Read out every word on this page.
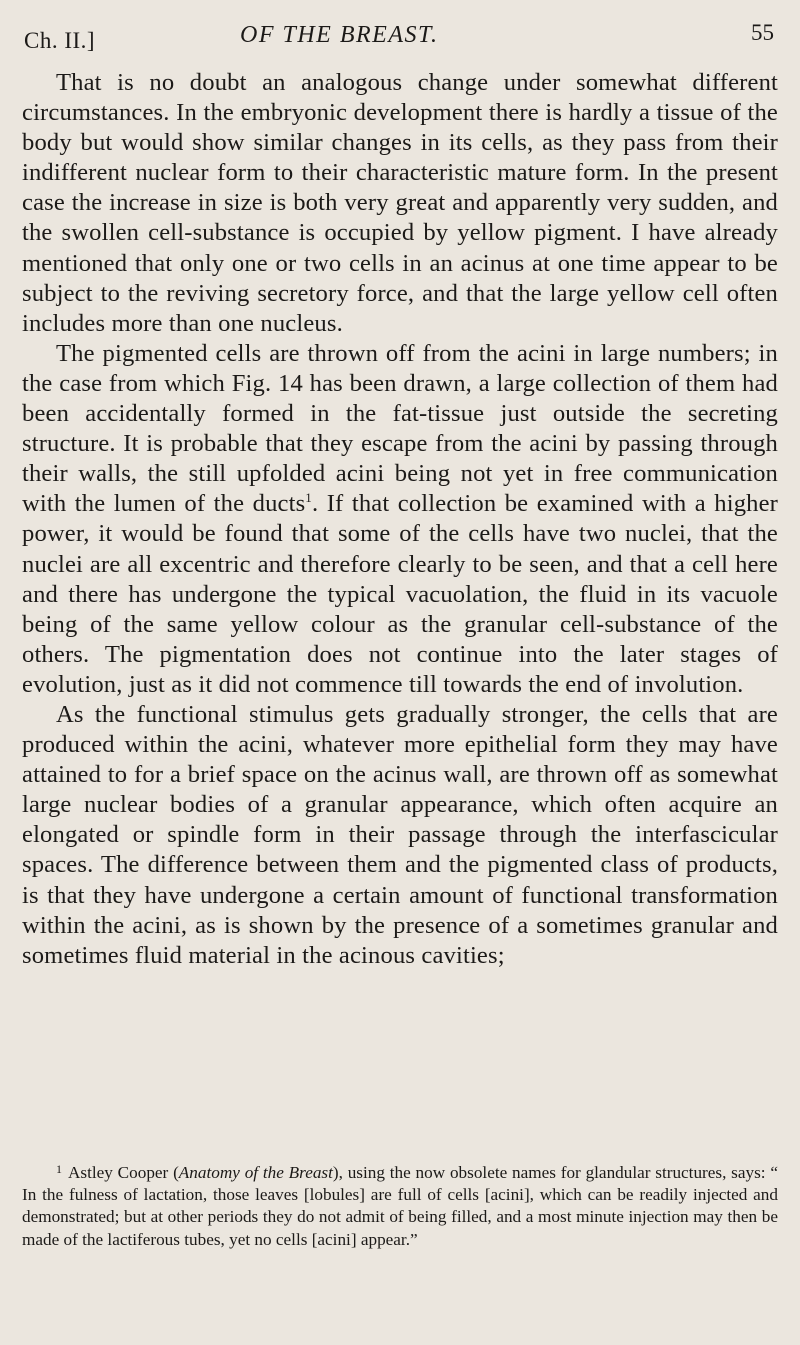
Ch. II.]	OF THE BREAST.	55

That is no doubt an analogous change under somewhat different circumstances. In the embryonic development there is hardly a tissue of the body but would show similar changes in its cells, as they pass from their indifferent nuclear form to their characteristic mature form. In the present case the increase in size is both very great and apparently very sudden, and the swollen cell-substance is occupied by yellow pigment. I have already mentioned that only one or two cells in an acinus at one time appear to be subject to the reviving secretory force, and that the large yellow cell often includes more than one nucleus.

The pigmented cells are thrown off from the acini in large numbers; in the case from which Fig. 14 has been drawn, a large collection of them had been accidentally formed in the fat-tissue just outside the secreting structure. It is probable that they escape from the acini by passing through their walls, the still upfolded acini being not yet in free communication with the lumen of the ducts$^1$. If that collection be examined with a higher power, it would be found that some of the cells have two nuclei, that the nuclei are all excentric and therefore clearly to be seen, and that a cell here and there has undergone the typical vacuolation, the fluid in its vacuole being of the same yellow colour as the granular cell-substance of the others. The pigmentation does not continue into the later stages of evolution, just as it did not commence till towards the end of involution.

As the functional stimulus gets gradually stronger, the cells that are produced within the acini, whatever more epithelial form they may have attained to for a brief space on the acinus wall, are thrown off as somewhat large nuclear bodies of a granular appearance, which often acquire an elongated or spindle form in their passage through the interfascicular spaces. The difference between them and the pigmented class of products, is that they have undergone a certain amount of functional transformation within the acini, as is shown by the presence of a sometimes granular and sometimes fluid material in the acinous cavities;

$^1$ Astley Cooper (Anatomy of the Breast), using the now obsolete names for glandular structures, says: “ In the fulness of lactation, those leaves [lobules] are full of cells [acini], which can be readily injected and demonstrated; but at other periods they do not admit of being filled, and a most minute injection may then be made of the lactiferous tubes, yet no cells [acini] appear.”
